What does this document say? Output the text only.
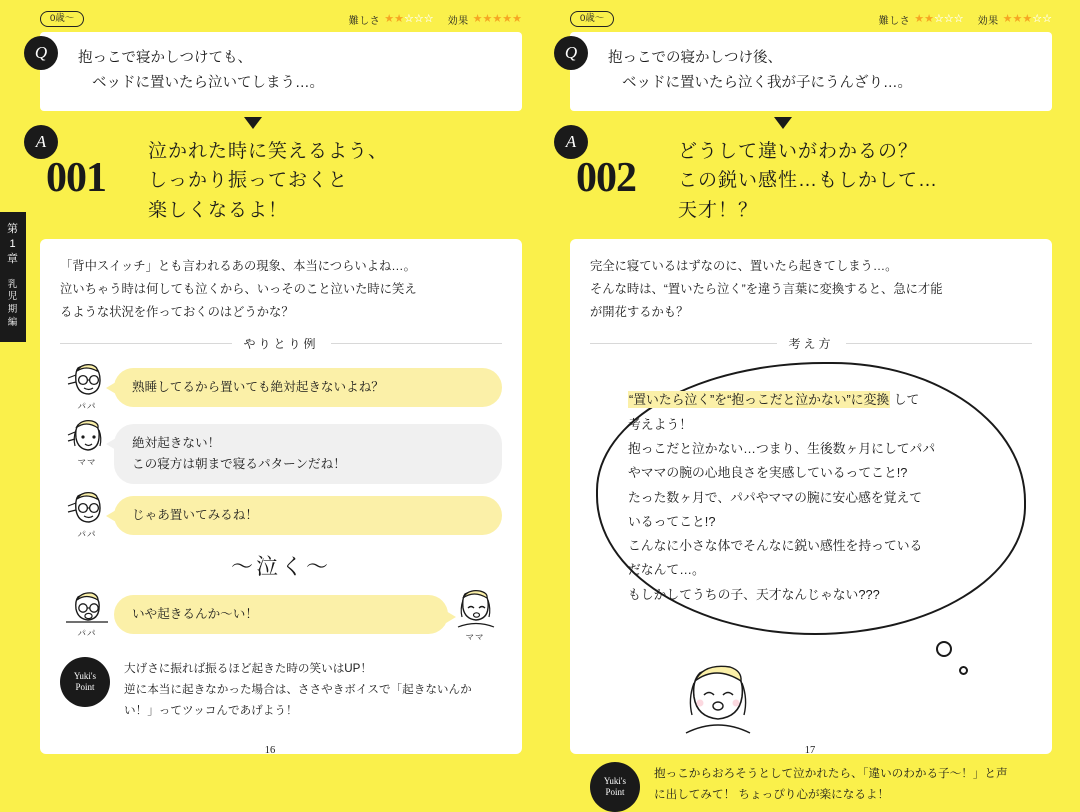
第1章
乳児期編
0歳〜	難しさ ★★☆☆☆ 効果 ★★★★★
Q	抱っこで寝かしつけても、
ベッドに置いたら泣いてしまう…。
A
001
泣かれた時に笑えるよう、
しっかり振っておくと
楽しくなるよ！
「背中スイッチ」とも言われるあの現象、本当につらいよね…。
泣いちゃう時は何しても泣くから、いっそのこと泣いた時に笑え
るような状況を作っておくのはどうかな？
やりとり例
パパ
熟睡してるから置いても絶対起きないよね？
ママ
絶対起きない！
この寝方は朝まで寝るパターンだね！
パパ
じゃあ置いてみるね！
〜泣く〜
パパ
いや起きるんか〜い！
ママ
Yuki's
Point
大げさに振れば振るほど起きた時の笑いはUP！
逆に本当に起きなかった場合は、ささやきボイスで「起きないんか
い！」ってツッコんであげよう！
16
0歳〜	難しさ ★★☆☆☆ 効果 ★★★☆☆
Q	抱っこでの寝かしつけ後、
ベッドに置いたら泣く我が子にうんざり…。
A
002
どうして違いがわかるの？
この鋭い感性…もしかして…
天才！？
完全に寝ているはずなのに、置いたら起きてしまう…。
そんな時は、“置いたら泣く”を違う言葉に変換すると、急に才能
が開花するかも？
考え方
“置いたら泣く”を“抱っこだと泣かない”に変換 して
考えよう！
抱っこだと泣かない…つまり、生後数ヶ月にしてパパ
やママの腕の心地良さを実感しているってこと!?
たった数ヶ月で、パパやママの腕に安心感を覚えて
いるってこと!?
こんなに小さな体でそんなに鋭い感性を持っている
だなんて…。
もしかしてうちの子、天才なんじゃない???
Yuki's
Point
抱っこからおろそうとして泣かれたら、「違いのわかる子〜！」と声
に出してみて！ ちょっぴり心が楽になるよ！
17
